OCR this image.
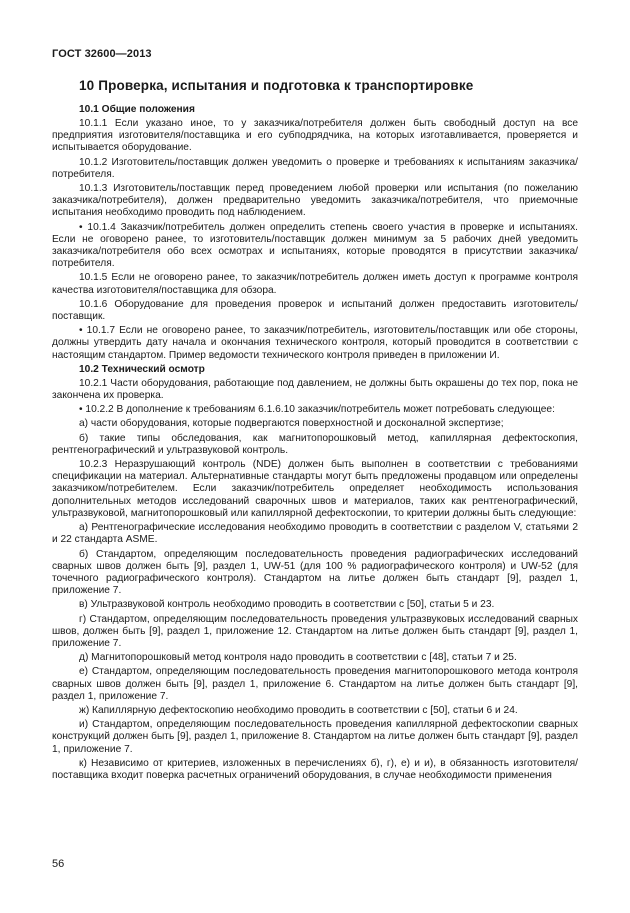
ГОСТ 32600—2013
10 Проверка, испытания и подготовка к транспортировке
10.1 Общие положения

10.1.1 Если указано иное, то у заказчика/потребителя должен быть свободный доступ на все предприятия изготовителя/поставщика и его субподрядчика, на которых изготавливается, проверяется и испытывается оборудование.

10.1.2 Изготовитель/поставщик должен уведомить о проверке и требованиях к испытаниям заказчика/потребителя.

10.1.3 Изготовитель/поставщик перед проведением любой проверки или испытания (по пожеланию заказчика/потребителя), должен предварительно уведомить заказчика/потребителя, что приемочные испытания необходимо проводить под наблюдением.

• 10.1.4 Заказчик/потребитель должен определить степень своего участия в проверке и испытаниях. Если не оговорено ранее, то изготовитель/поставщик должен минимум за 5 рабочих дней уведомить заказчика/потребителя обо всех осмотрах и испытаниях, которые проводятся в присутствии заказчика/потребителя.

10.1.5 Если не оговорено ранее, то заказчик/потребитель должен иметь доступ к программе контроля качества изготовителя/поставщика для обзора.

10.1.6 Оборудование для проведения проверок и испытаний должен предоставить изготовитель/поставщик.

• 10.1.7 Если не оговорено ранее, то заказчик/потребитель, изготовитель/поставщик или обе стороны, должны утвердить дату начала и окончания технического контроля, который проводится в соответствии с настоящим стандартом. Пример ведомости технического контроля приведен в приложении И.

10.2 Технический осмотр

10.2.1 Части оборудования, работающие под давлением, не должны быть окрашены до тех пор, пока не закончена их проверка.

• 10.2.2 В дополнение к требованиям 6.1.6.10 заказчик/потребитель может потребовать следующее:

а) части оборудования, которые подвергаются поверхностной и досконалной экспертизе;

б) такие типы обследования, как магнитопорошковый метод, капиллярная дефектоскопия, рентгенографический и ультразвуковой контроль.

10.2.3 Неразрушающий контроль (NDE) должен быть выполнен в соответствии с требованиями спецификации на материал. Альтернативные стандарты могут быть предложены продавцом или определены заказчиком/потребителем. Если заказчик/потребитель определяет необходимость использования дополнительных методов исследований сварочных швов и материалов, таких как рентгенографический, ультразвуковой, магнитопорошковый или капиллярной дефектоскопии, то критерии должны быть следующие:

а) Рентгенографические исследования необходимо проводить в соответствии с разделом V, статьями 2 и 22 стандарта ASME.

б) Стандартом, определяющим последовательность проведения радиографических исследований сварных швов должен быть [9], раздел 1, UW-51 (для 100 % радиографического контроля) и UW-52 (для точечного радиографического контроля). Стандартом на литье должен быть стандарт [9], раздел 1, приложение 7.

в) Ультразвуковой контроль необходимо проводить в соответствии с [50], статьи 5 и 23.

г) Стандартом, определяющим последовательность проведения ультразвуковых исследований сварных швов, должен быть [9], раздел 1, приложение 12. Стандартом на литье должен быть стандарт [9], раздел 1, приложение 7.

д) Магнитопорошковый метод контроля надо проводить в соответствии с [48], статьи 7 и 25.

е) Стандартом, определяющим последовательность проведения магнитопорошкового метода контроля сварных швов должен быть [9], раздел 1, приложение 6. Стандартом на литье должен быть стандарт [9], раздел 1, приложение 7.

ж) Капиллярную дефектоскопию необходимо проводить в соответствии с [50], статьи 6 и 24.

и) Стандартом, определяющим последовательность проведения капиллярной дефектоскопии сварных конструкций должен быть [9], раздел 1, приложение 8. Стандартом на литье должен быть стандарт [9], раздел 1, приложение 7.

к) Независимо от критериев, изложенных в перечислениях б), г), е) и и), в обязанность изготовителя/поставщика входит поверка расчетных ограничений оборудования, в случае необходимости применения

56
